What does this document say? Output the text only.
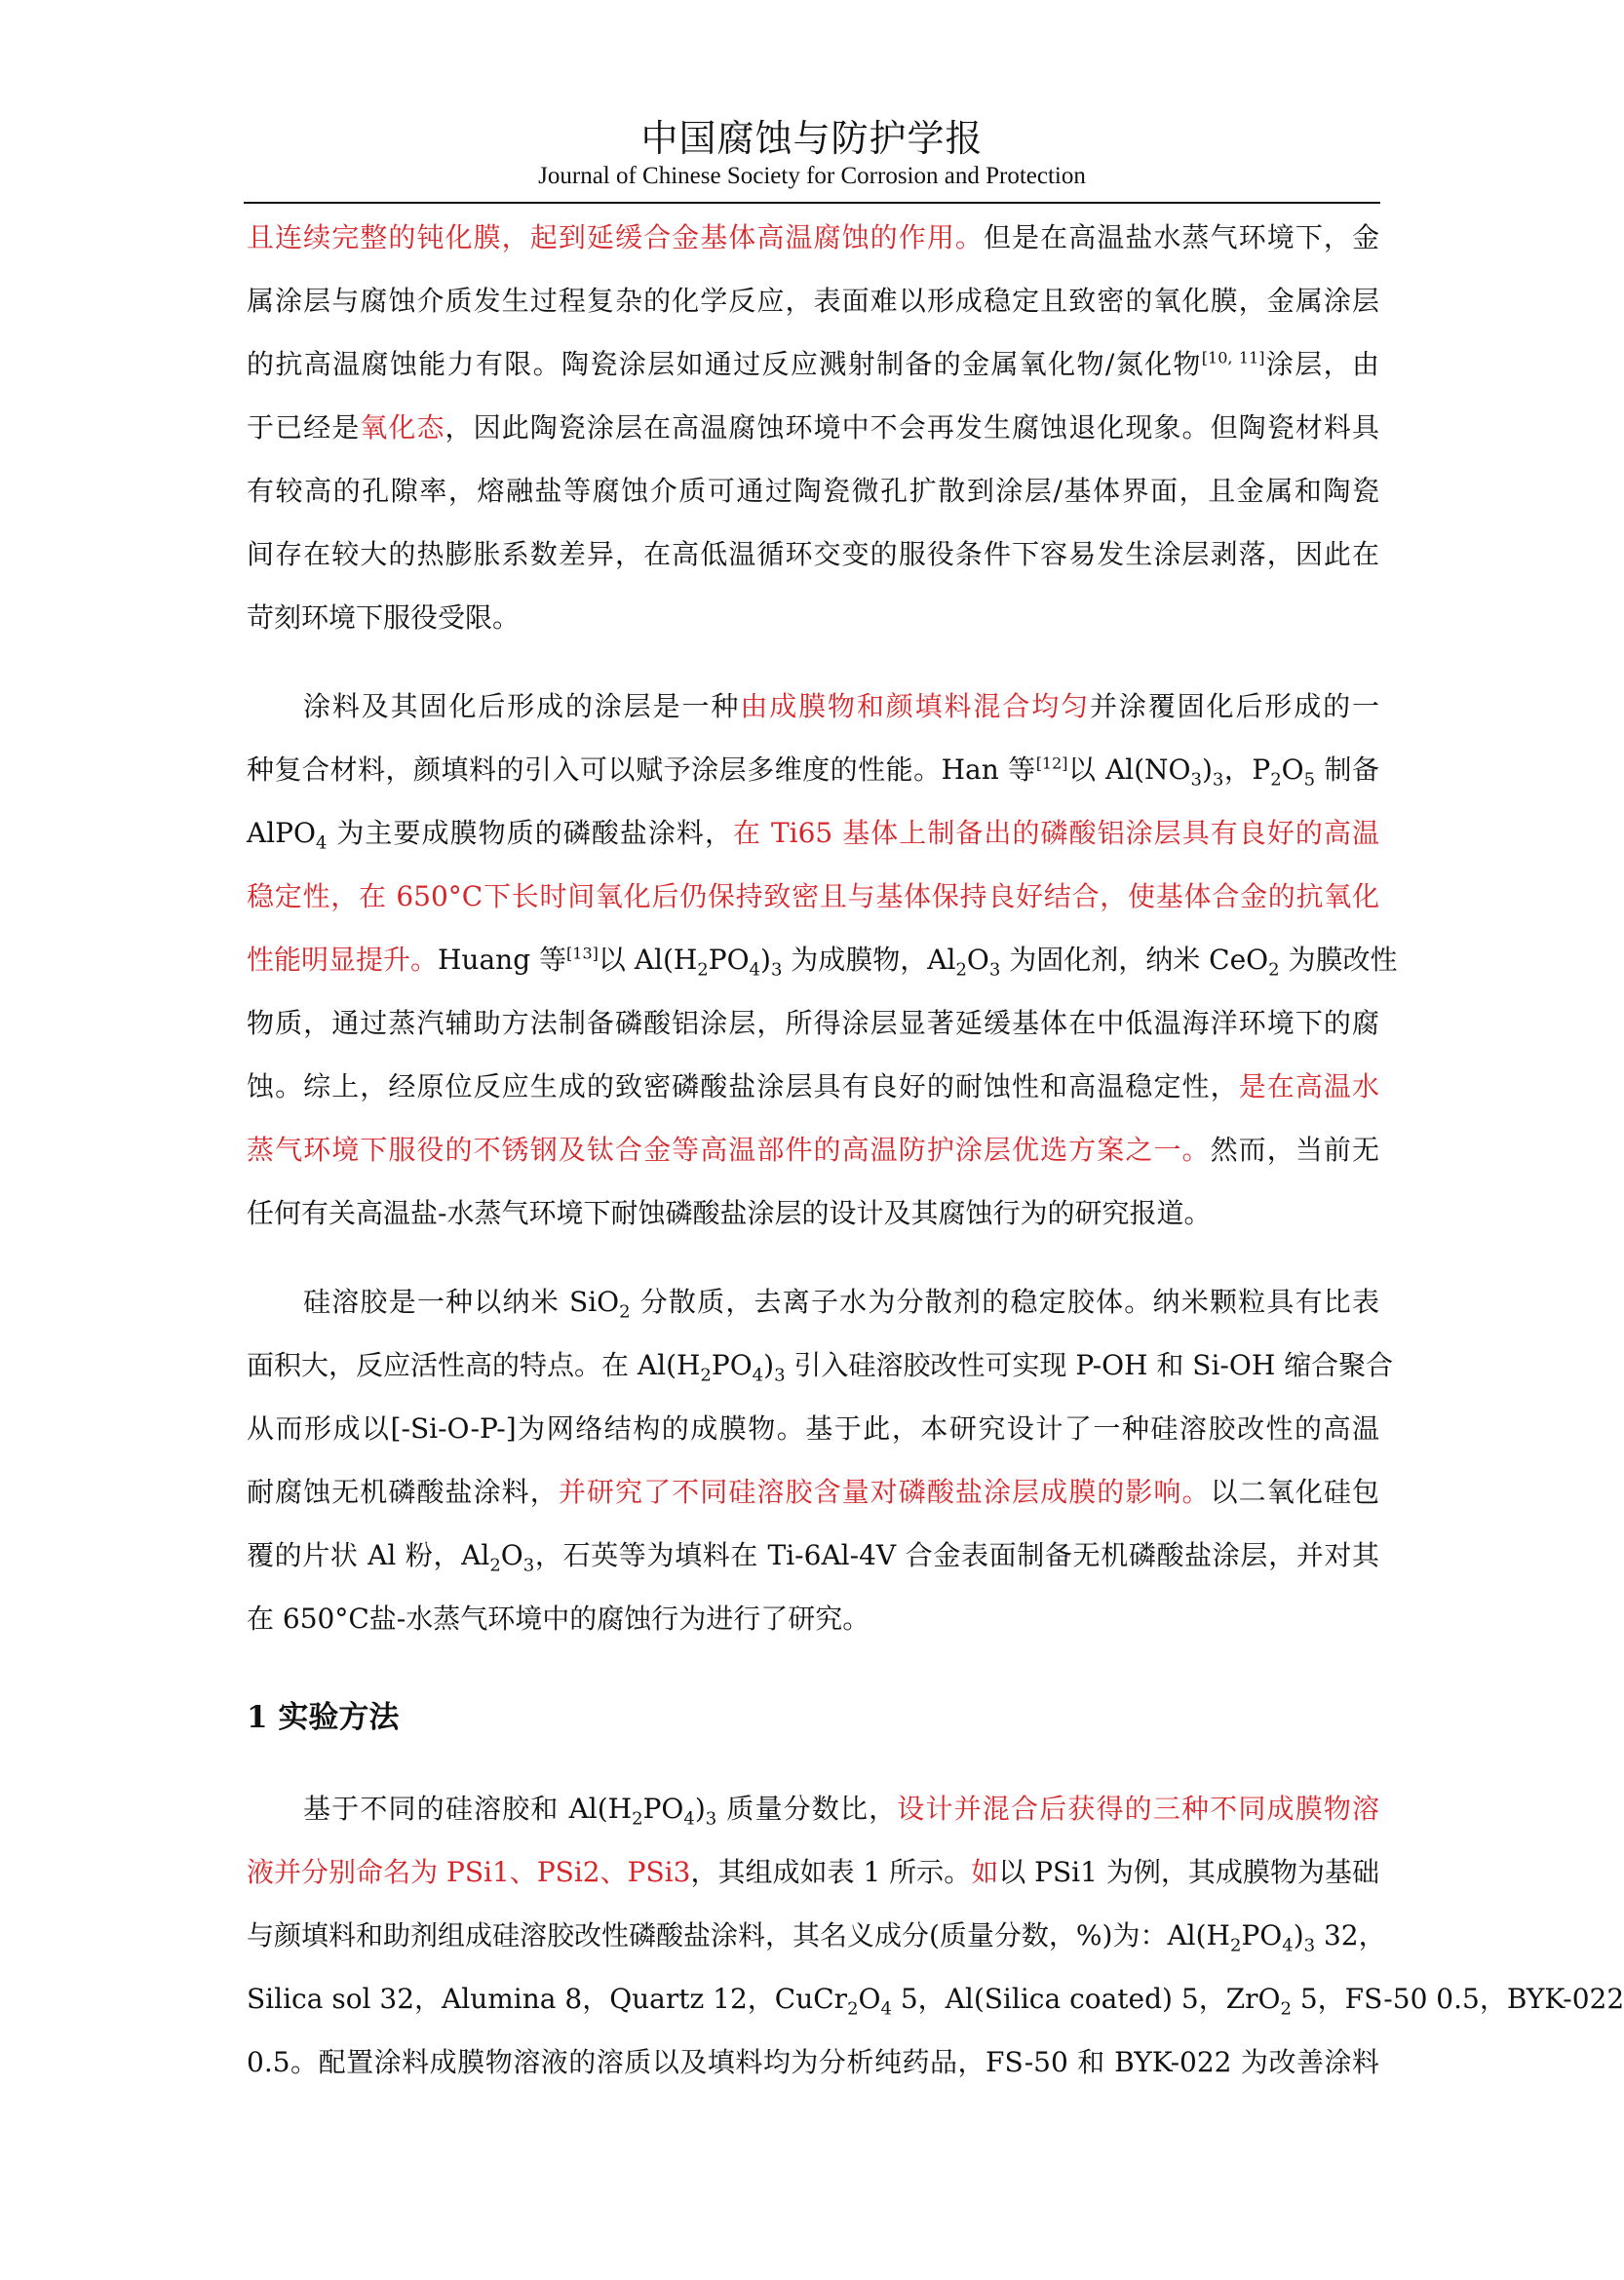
中国腐蚀与防护学报
Journal of Chinese Society for Corrosion and Protection
且连续完整的钝化膜，起到延缓合金基体高温腐蚀的作用。但是在高温盐水蒸气环境下，金
属涂层与腐蚀介质发生过程复杂的化学反应，表面难以形成稳定且致密的氧化膜，金属涂层
的抗高温腐蚀能力有限。陶瓷涂层如通过反应溅射制备的金属氧化物/氮化物[10, 11]涂层，由
于已经是氧化态，因此陶瓷涂层在高温腐蚀环境中不会再发生腐蚀退化现象。但陶瓷材料具
有较高的孔隙率，熔融盐等腐蚀介质可通过陶瓷微孔扩散到涂层/基体界面，且金属和陶瓷
间存在较大的热膨胀系数差异，在高低温循环交变的服役条件下容易发生涂层剥落，因此在
苛刻环境下服役受限。
涂料及其固化后形成的涂层是一种由成膜物和颜填料混合均匀并涂覆固化后形成的一
种复合材料，颜填料的引入可以赋予涂层多维度的性能。Han 等[12]以 $Al(NO_3)_3$，$P_2O_5$ 制备
AlPO$_4$ 为主要成膜物质的磷酸盐涂料，在 Ti65 基体上制备出的磷酸铝涂层具有良好的高温
稳定性，在 650°C下长时间氧化后仍保持致密且与基体保持良好结合，使基体合金的抗氧化
性能明显提升。Huang 等[13]以 $Al(H_2PO_4)_3$ 为成膜物，$Al_2O_3$ 为固化剂，纳米 CeO$_2$ 为膜改性
物质，通过蒸汽辅助方法制备磷酸铝涂层，所得涂层显著延缓基体在中低温海洋环境下的腐
蚀。综上，经原位反应生成的致密磷酸盐涂层具有良好的耐蚀性和高温稳定性，是在高温水
蒸气环境下服役的不锈钢及钛合金等高温部件的高温防护涂层优选方案之一。然而，当前无
任何有关高温盐-水蒸气环境下耐蚀磷酸盐涂层的设计及其腐蚀行为的研究报道。
硅溶胶是一种以纳米 SiO$_2$ 分散质，去离子水为分散剂的稳定胶体。纳米颗粒具有比表
面积大，反应活性高的特点。在 $Al(H_2PO_4)_3$ 引入硅溶胶改性可实现 P-OH 和 Si-OH 缩合聚合
从而形成以[-Si-O-P-]为网络结构的成膜物。基于此，本研究设计了一种硅溶胶改性的高温
耐腐蚀无机磷酸盐涂料，并研究了不同硅溶胶含量对磷酸盐涂层成膜的影响。以二氧化硅包
覆的片状 Al 粉，$Al_2O_3$，石英等为填料在 Ti-6Al-4V 合金表面制备无机磷酸盐涂层，并对其
在 650°C盐-水蒸气环境中的腐蚀行为进行了研究。
1 实验方法
基于不同的硅溶胶和 $Al(H_2PO_4)_3$ 质量分数比，设计并混合后获得的三种不同成膜物溶
液并分别命名为 PSi1、PSi2、PSi3，其组成如表 1 所示。如以 PSi1 为例，其成膜物为基础
与颜填料和助剂组成硅溶胶改性磷酸盐涂料，其名义成分(质量分数，%)为：$Al(H_2PO_4)_3$ 32，
Silica sol 32，Alumina 8，Quartz 12，$CuCr_2O_4$ 5，Al(Silica coated) 5，ZrO$_2$ 5，FS-50 0.5，BYK-022
0.5。配置涂料成膜物溶液的溶质以及填料均为分析纯药品，FS-50 和 BYK-022 为改善涂料
